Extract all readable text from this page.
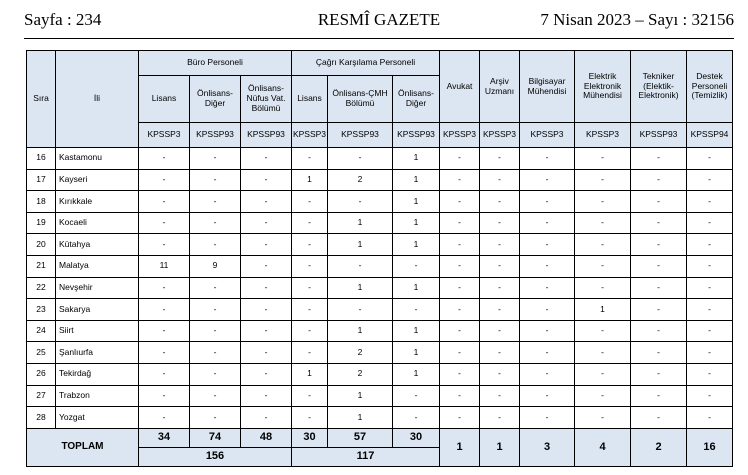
Sayfa : 234	RESMÎ GAZETE	7 Nisan 2023 – Sayı : 32156
Sıra	İli	Büro Personeli			Çağrı Karşılama Personeli			Avukat	Arşiv Uzmanı	Bilgisayar Mühendisi	Elektrik Elektronik Mühendisi	Tekniker (Elektik-Elektronik)	Destek Personeli (Temizlik)
		Lisans	Önlisans-Diğer	Önlisans-Nüfus Vat. Bölümü	Lisans	Önlisans-ÇMH Bölümü	Önlisans-Diğer						
		KPSSP3	KPSSP93	KPSSP93	KPSSP3	KPSSP93	KPSSP93	KPSSP3	KPSSP3	KPSSP3	KPSSP3	KPSSP93	KPSSP94
16	Kastamonu	-	-	-	-	-	1	-	-	-	-	-	-
17	Kayseri	-	-	-	1	2	1	-	-	-	-	-	-
18	Kırıkkale	-	-	-	-	-	1	-	-	-	-	-	-
19	Kocaeli	-	-	-	-	1	1	-	-	-	-	-	-
20	Kütahya	-	-	-	-	1	1	-	-	-	-	-	-
21	Malatya	11	9	-	-	-	-	-	-	-	-	-	-
22	Nevşehir	-	-	-	-	1	1	-	-	-	-	-	-
23	Sakarya	-	-	-	-	-	-	-	-	-	1	-	-
24	Siirt	-	-	-	-	1	1	-	-	-	-	-	-
25	Şanlıurfa	-	-	-	-	2	1	-	-	-	-	-	-
26	Tekirdağ	-	-	-	1	2	1	-	-	-	-	-	-
27	Trabzon	-	-	-	-	1	-	-	-	-	-	-	-
28	Yozgat	-	-	-	-	1	-	-	-	-	-	-	-
TOPLAM		34	74	48	30	57	30	1	1	3	4	2	16
		156			117								
